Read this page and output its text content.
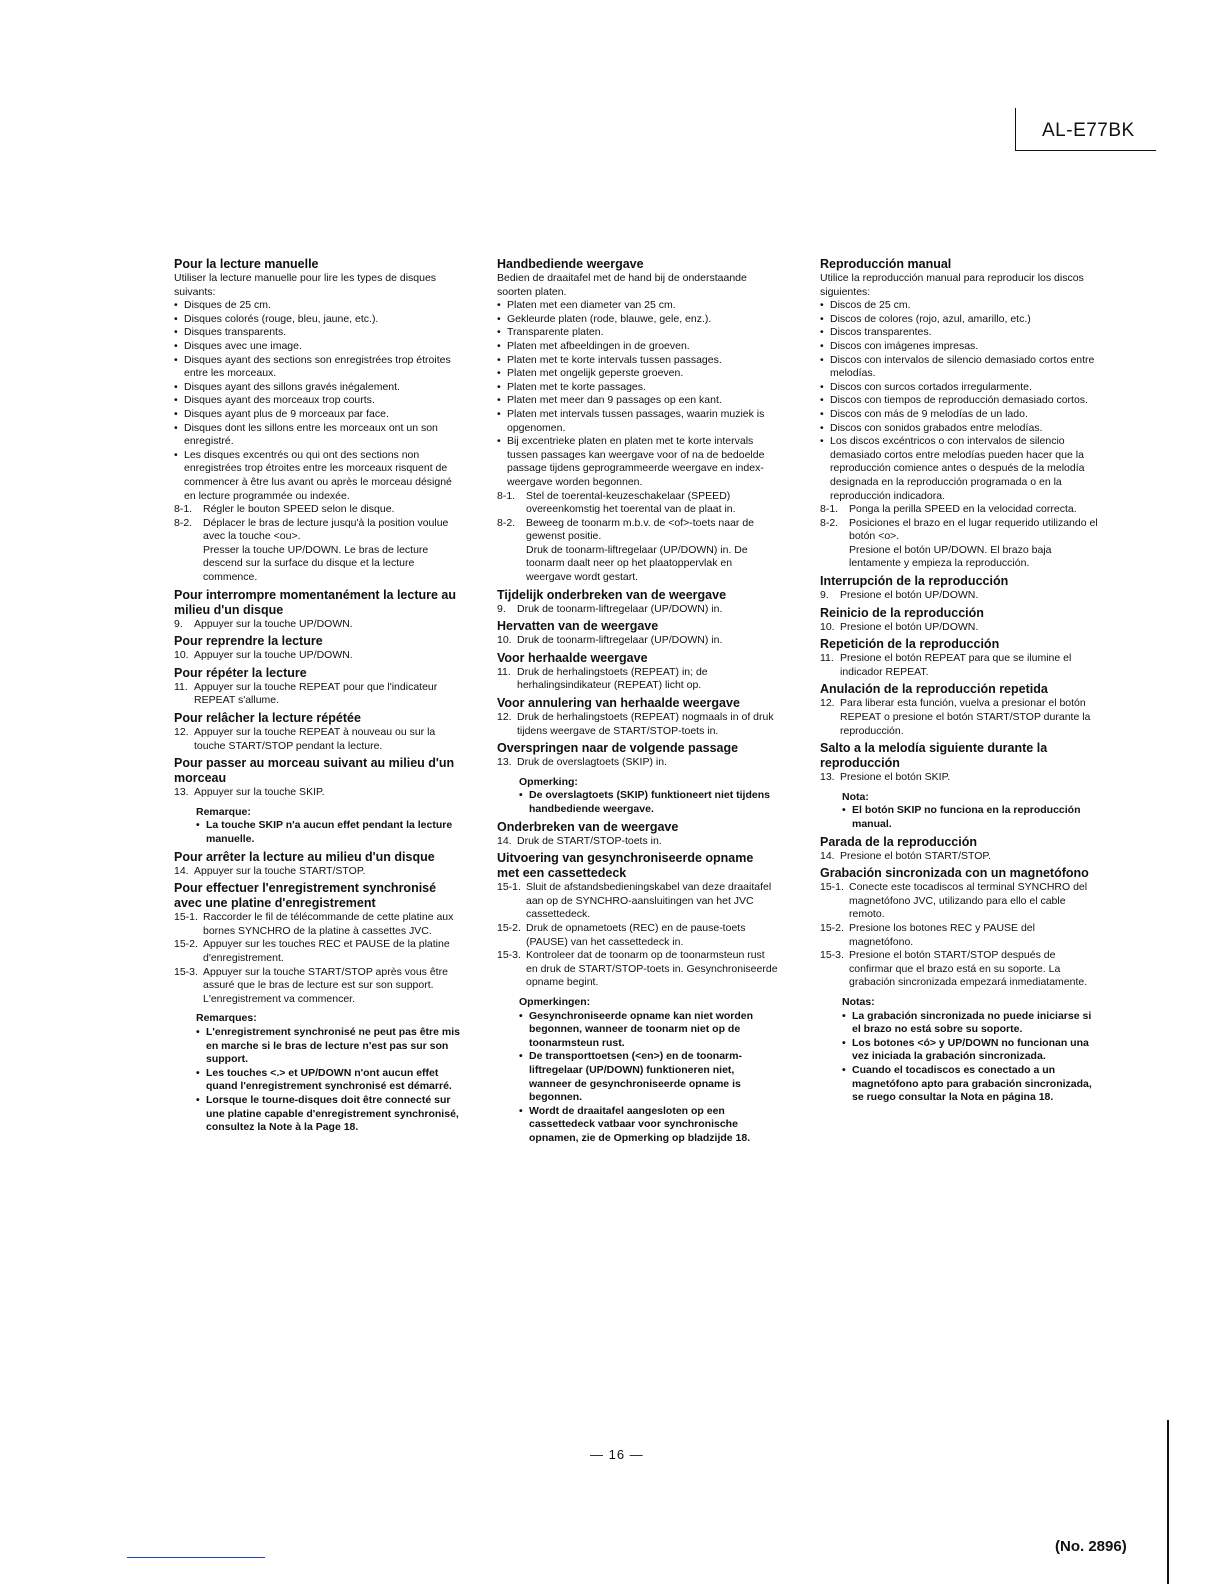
AL-E77BK

Pour la lecture manuelle

Utiliser la lecture manuelle pour lire les types de disques suivants:

• Disques de 25 cm.
• Disques colorés (rouge, bleu, jaune, etc.).
• Disques transparents.
• Disques avec une image.
• Disques ayant des sections son enregistrées trop étroites entre les morceaux.
• Disques ayant des sillons gravés inégalement.
• Disques ayant des morceaux trop courts.
• Disques ayant plus de 9 morceaux par face.
• Disques dont les sillons entre les morceaux ont un son enregistré.
• Les disques excentrés ou qui ont des sections non enregistrées trop étroites entre les morceaux risquent de commencer à être lus avant ou après le morceau désigné en lecture programmée ou indexée.
8-1.	Régler le bouton SPEED selon le disque.
8-2.	Déplacer le bras de lecture jusqu'à la position voulue avec la touche <ou>.

Presser la touche UP/DOWN. Le bras de lecture descend sur la surface du disque et la lecture commence.

Pour interrompre momentanément la lecture au milieu d'un disque

9.	Appuyer sur la touche UP/DOWN.

Pour reprendre la lecture

10. Appuyer sur la touche UP/DOWN.

Pour répéter la lecture

11. Appuyer sur la touche REPEAT pour que l'indicateur REPEAT s'allume.

Pour relâcher la lecture répétée

12. Appuyer sur la touche REPEAT à nouveau ou sur la touche START/STOP pendant la lecture.

Pour passer au morceau suivant au milieu d'un morceau

13. Appuyer sur la touche SKIP.

Remarque:

• La touche SKIP n'a aucun effet pendant la lecture manuelle.

Pour arrêter la lecture au milieu d'un disque

14. Appuyer sur la touche START/STOP.

Pour effectuer l'enregistrement synchronisé avec une platine d'enregistrement

15-1. Raccorder le fil de télécommande de cette platine aux bornes SYNCHRO de la platine à cassettes JVC.
15-2. Appuyer sur les touches REC et PAUSE de la platine d'enregistrement.
15-3. Appuyer sur la touche START/STOP après vous être assuré que le bras de lecture est sur son support. L'enregistrement va commencer.

Remarques:

• L'enregistrement synchronisé ne peut pas être mis en marche si le bras de lecture n'est pas sur son support.
• Les touches <.> et UP/DOWN n'ont aucun effet quand l'enregistrement synchronisé est démarré.
• Lorsque le tourne-disques doit être connecté sur une platine capable d'enregistrement synchronisé, consultez la Note à la Page 18.

Handbediende weergave

Bedien de draaitafel met de hand bij de onderstaande soorten platen.

• Platen met een diameter van 25 cm.
• Gekleurde platen (rode, blauwe, gele, enz.).
• Transparente platen.
• Platen met afbeeldingen in de groeven.
• Platen met te korte intervals tussen passages.
• Platen met ongelijk geperste groeven.
• Platen met te korte passages.
• Platen met meer dan 9 passages op een kant.
• Platen met intervals tussen passages, waarin muziek is opgenomen.
• Bij excentrieke platen en platen met te korte intervals tussen passages kan weergave voor of na de bedoelde passage tijdens geprogrammeerde weergave en index-weergave worden begonnen.
8-1.	Stel de toerental-keuzeschakelaar (SPEED) overeenkomstig het toerental van de plaat in.
8-2.	Beweeg de toonarm m.b.v. de <of>-toets naar de gewenst positie.

Druk de toonarm-liftregelaar (UP/DOWN) in. De toonarm daalt neer op het plaatoppervlak en weergave wordt gestart.

Tijdelijk onderbreken van de weergave

9.	Druk de toonarm-liftregelaar (UP/DOWN) in.

Hervatten van de weergave

10. Druk de toonarm-liftregelaar (UP/DOWN) in.

Voor herhaalde weergave

11. Druk de herhalingstoets (REPEAT) in; de herhalingsindikateur (REPEAT) licht op.

Voor annulering van herhaalde weergave

12. Druk de herhalingstoets (REPEAT) nogmaals in of druk tijdens weergave de START/STOP-toets in.

Overspringen naar de volgende passage

13. Druk de overslagtoets (SKIP) in.

Opmerking:

• De overslagtoets (SKIP) funktioneert niet tijdens handbediende weergave.

Onderbreken van de weergave

14. Druk de START/STOP-toets in.

Uitvoering van gesynchroniseerde opname met een cassettedeck

15-1. Sluit de afstandsbedieningskabel van deze draaitafel aan op de SYNCHRO-aansluitingen van het JVC cassettedeck.
15-2. Druk de opnametoets (REC) en de pause-toets (PAUSE) van het cassettedeck in.
15-3. Kontroleer dat de toonarm op de toonarmsteun rust en druk de START/STOP-toets in. Gesynchroniseerde opname begint.

Opmerkingen:

• Gesynchroniseerde opname kan niet worden begonnen, wanneer de toonarm niet op de toonarmsteun rust.
• De transporttoetsen (<en>) en de toonarm-liftregelaar (UP/DOWN) funktioneren niet, wanneer de gesynchroniseerde opname is begonnen.
• Wordt de draaitafel aangesloten op een cassettedeck vatbaar voor synchronische opnamen, zie de Opmerking op bladzijde 18.

Reproducción manual

Utilice la reproducción manual para reproducir los discos siguientes:

• Discos de 25 cm.
• Discos de colores (rojo, azul, amarillo, etc.)
• Discos transparentes.
• Discos con imágenes impresas.
• Discos con intervalos de silencio demasiado cortos entre melodías.
• Discos con surcos cortados irregularmente.
• Discos con tiempos de reproducción demasiado cortos.
• Discos con más de 9 melodías de un lado.
• Discos con sonidos grabados entre melodías.
• Los discos excéntricos o con intervalos de silencio demasiado cortos entre melodías pueden hacer que la reproducción comience antes o después de la melodía designada en la reproducción programada o en la reproducción indicadora.
8-1.	Ponga la perilla SPEED en la velocidad correcta.
8-2.	Posiciones el brazo en el lugar requerido utilizando el botón <o>.

Presione el botón UP/DOWN. El brazo baja lentamente y empieza la reproducción.

Interrupción de la reproducción

9.	Presione el botón UP/DOWN.

Reinicio de la reproducción

10. Presione el botón UP/DOWN.

Repetición de la reproducción

11. Presione el botón REPEAT para que se ilumine el indicador REPEAT.

Anulación de la reproducción repetida

12. Para liberar esta función, vuelva a presionar el botón REPEAT o presione el botón START/STOP durante la reproducción.

Salto a la melodía siguiente durante la reproducción

13. Presione el botón SKIP.

Nota:

• El botón SKIP no funciona en la reproducción manual.

Parada de la reproducción

14. Presione el botón START/STOP.

Grabación sincronizada con un magnetófono

15-1. Conecte este tocadiscos al terminal SYNCHRO del magnetófono JVC, utilizando para ello el cable remoto.
15-2. Presione los botones REC y PAUSE del magnetófono.
15-3. Presione el botón START/STOP después de confirmar que el brazo está en su soporte. La grabación sincronizada empezará inmediatamente.

Notas:

• La grabación sincronizada no puede iniciarse si el brazo no está sobre su soporte.
• Los botones <ó> y UP/DOWN no funcionan una vez iniciada la grabación sincronizada.
• Cuando el tocadiscos es conectado a un magnetófono apto para grabación sincronizada, se ruego consultar la Nota en página 18.
— 16 —
(No. 2896)
